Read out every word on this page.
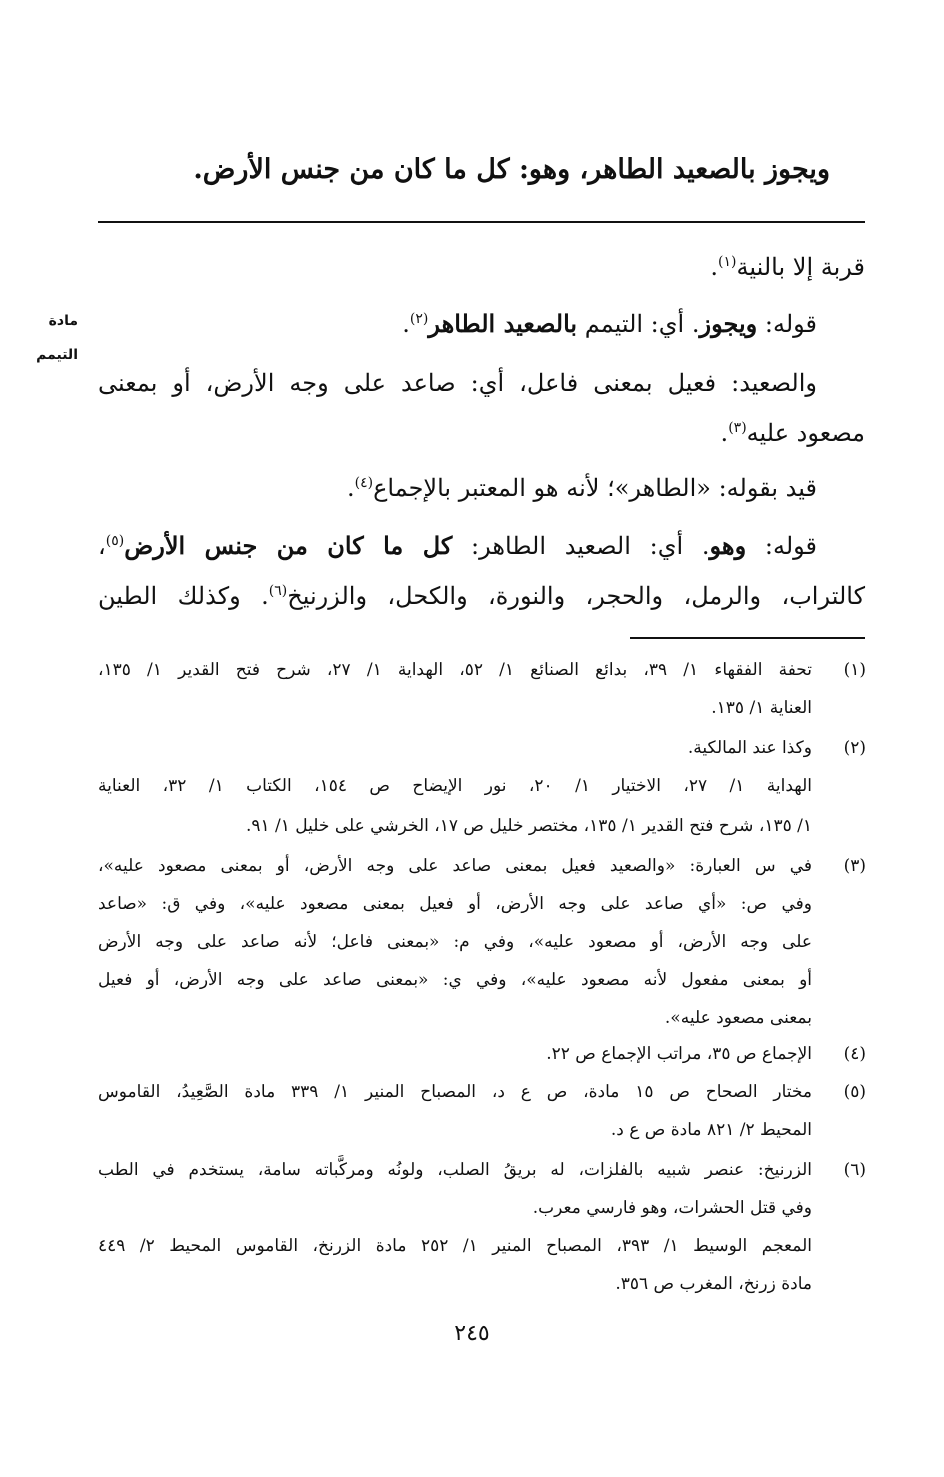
ويجوز بالصعيد الطاهر، وهو: كل ما كان من جنس الأرض.
مادة
التيمم
قربة إلا بالنية$^{(١)}$.
قوله: ويجوز. أي: التيمم بالصعيد الطاهر$^{(٢)}$.
والصعيد: فعيل بمعنى فاعل، أي: صاعد على وجه الأرض، أو بمعنى
مصعود عليه$^{(٣)}$.
قيد بقوله: «الطاهر»؛ لأنه هو المعتبر بالإجماع$^{(٤)}$.
قوله: وهو. أي: الصعيد الطاهر: كل ما كان من جنس الأرض$^{(٥)}$،
كالتراب، والرمل، والحجر، والنورة، والكحل، والزرنيخ$^{(٦)}$. وكذلك الطين
(١)
تحفة الفقهاء ١/ ٣٩، بدائع الصنائع ١/ ٥٢، الهداية ١/ ٢٧، شرح فتح القدير ١/ ١٣٥،
العناية ١/ ١٣٥.
(٢)
وكذا عند المالكية.
الهداية ١/ ٢٧، الاختيار ١/ ٢٠، نور الإيضاح ص ١٥٤، الكتاب ١/ ٣٢، العناية
١/ ١٣٥، شرح فتح القدير ١/ ١٣٥، مختصر خليل ص ١٧، الخرشي على خليل ١/ ٩١.
(٣)
في س العبارة: «والصعيد فعيل بمعنى صاعد على وجه الأرض، أو بمعنى مصعود عليه»،
وفي ص: «أي صاعد على وجه الأرض، أو فعيل بمعنى مصعود عليه»، وفي ق: «صاعد
على وجه الأرض، أو مصعود عليه»، وفي م: «بمعنى فاعل؛ لأنه صاعد على وجه الأرض
أو بمعنى مفعول لأنه مصعود عليه»، وفي ي: «بمعنى صاعد على وجه الأرض، أو فعيل
بمعنى مصعود عليه».
(٤)
الإجماع ص ٣٥، مراتب الإجماع ص ٢٢.
(٥)
مختار الصحاح ص ١٥ مادة، ص ع د، المصباح المنير ١/ ٣٣٩ مادة الصَّعِيدُ، القاموس
المحيط ٢/ ٨٢١ مادة ص ع د.
(٦)
الزرنيخ: عنصر شبيه بالفلزات، له بريقُ الصلب، ولونُه ومركَّباته سامة، يستخدم في الطب
وفي قتل الحشرات، وهو فارسي معرب.
المعجم الوسيط ١/ ٣٩٣، المصباح المنير ١/ ٢٥٢ مادة الزرنخ، القاموس المحيط ٢/ ٤٤٩
مادة زرنخ، المغرب ص ٣٥٦.
٢٤٥
